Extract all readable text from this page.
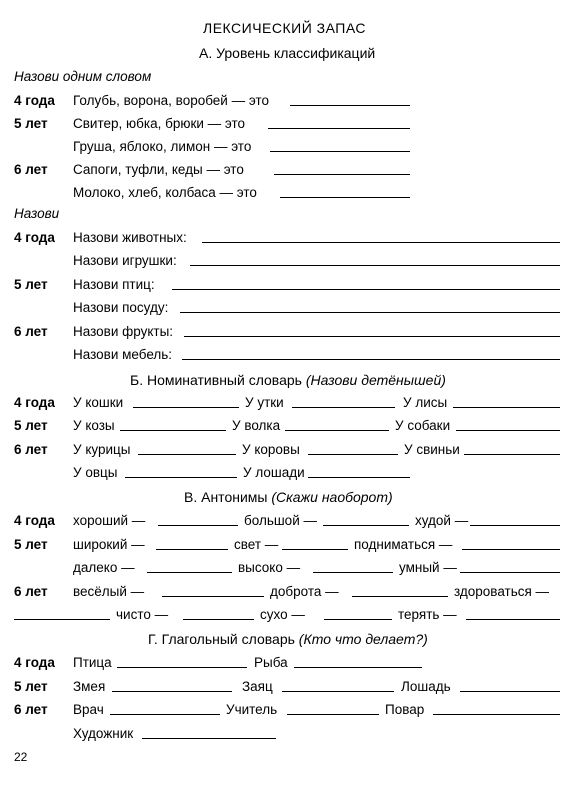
ЛЕКСИЧЕСКИЙ ЗАПАС
А. Уровень классификаций
Назови одним словом
4 года Голубь, ворона, воробей — это
5 лет Свитер, юбка, брюки — это
Груша, яблоко, лимон — это
6 лет Сапоги, туфли, кеды — это
Молоко, хлеб, колбаса — это
Назови
4 года Назови животных:
Назови игрушки:
5 лет Назови птиц:
Назови посуду:
6 лет Назови фрукты:
Назови мебель:
Б. Номинативный словарь (Назови детёнышей)
4 года У кошки	У утки	У лисы
5 лет У козы	У волка	У собаки
6 лет У курицы	У коровы	У свиньи
У овцы	У лошади
В. Антонимы (Скажи наоборот)
4 года хороший —	большой —	худой —
5 лет широкий —	свет —	подниматься —
далеко —	высоко —	умный —
6 лет весёлый —	доброта —	здороваться —
чисто —	сухо —	терять —
Г. Глагольный словарь (Кто что делает?)
4 года Птица	Рыба
5 лет Змея	Заяц	Лошадь
6 лет Врач	Учитель	Повар
Художник
22
